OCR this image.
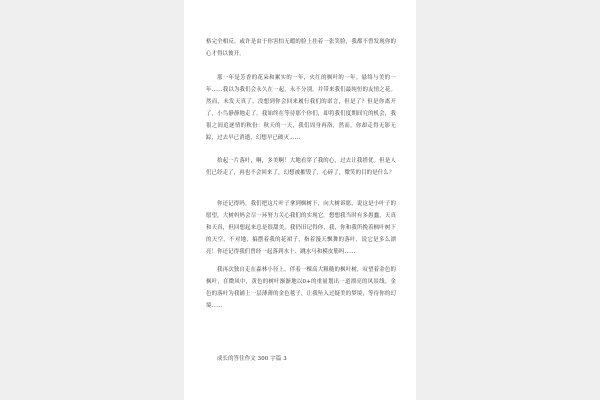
格完全相反。或许是由于你害怕无暇的脸上挂着一张笑脸，我都不曾发现你的心才得以彼开。

那一年是芳香的花朵和累实的一年，火红的枫叶的一年。悬络与美的一年……我以为我们会永久在一起，永不分别，并带来我们最纯恒的友情之花。然而，未发天真了，没想到你会回来履行我们的诺言，但是了？但是你离开了，小鸟静静地走了。我始终在等待那个你们，却将我们度期间究的机会，我很之间追逐情的秋份：秋天的一天，我们周身再洛，然而，你却走得无影无踪，过去早已消逝，幻想早已破灭……

拾起一片落叶，啊，多美啊！大地看穿了我的心，过去让我措优。但是人们已经走了，再也不会回来了，幻想被摧毁了，心碎了，微笑的目的是什么？

你还记得吗，我们把这片叶子拿到枫树下，向大树诉愿，说这是小叶子的愿望，大树妈妈会尽一环努力关心我们的实现它。想想我当时有多愚蠢，天真和天真，但回想起来总是很甜美，我仍旧记得你，我，你和我所挽着枫叶树下的天空，不对地，搞摆着我的花裙子，指着漫天飘舞的落叶，说它是多么漂亮！你还记得我们曾经一起落到水十、跳水马和模皮筋吗……

我再次独自走在森林小径上，伴着一棵高大粗糙的枫叶树，叹望着金色的枫叶，在微风中，黄色的树叶渐渐地以0+的重量划出一道漂亮的风景线。金色的落叶为我铺上一层薄薄的金色毯子，让我坠入过疑美的梦境，等待你的幻境……

成长的答往作文 300 字篇 3
